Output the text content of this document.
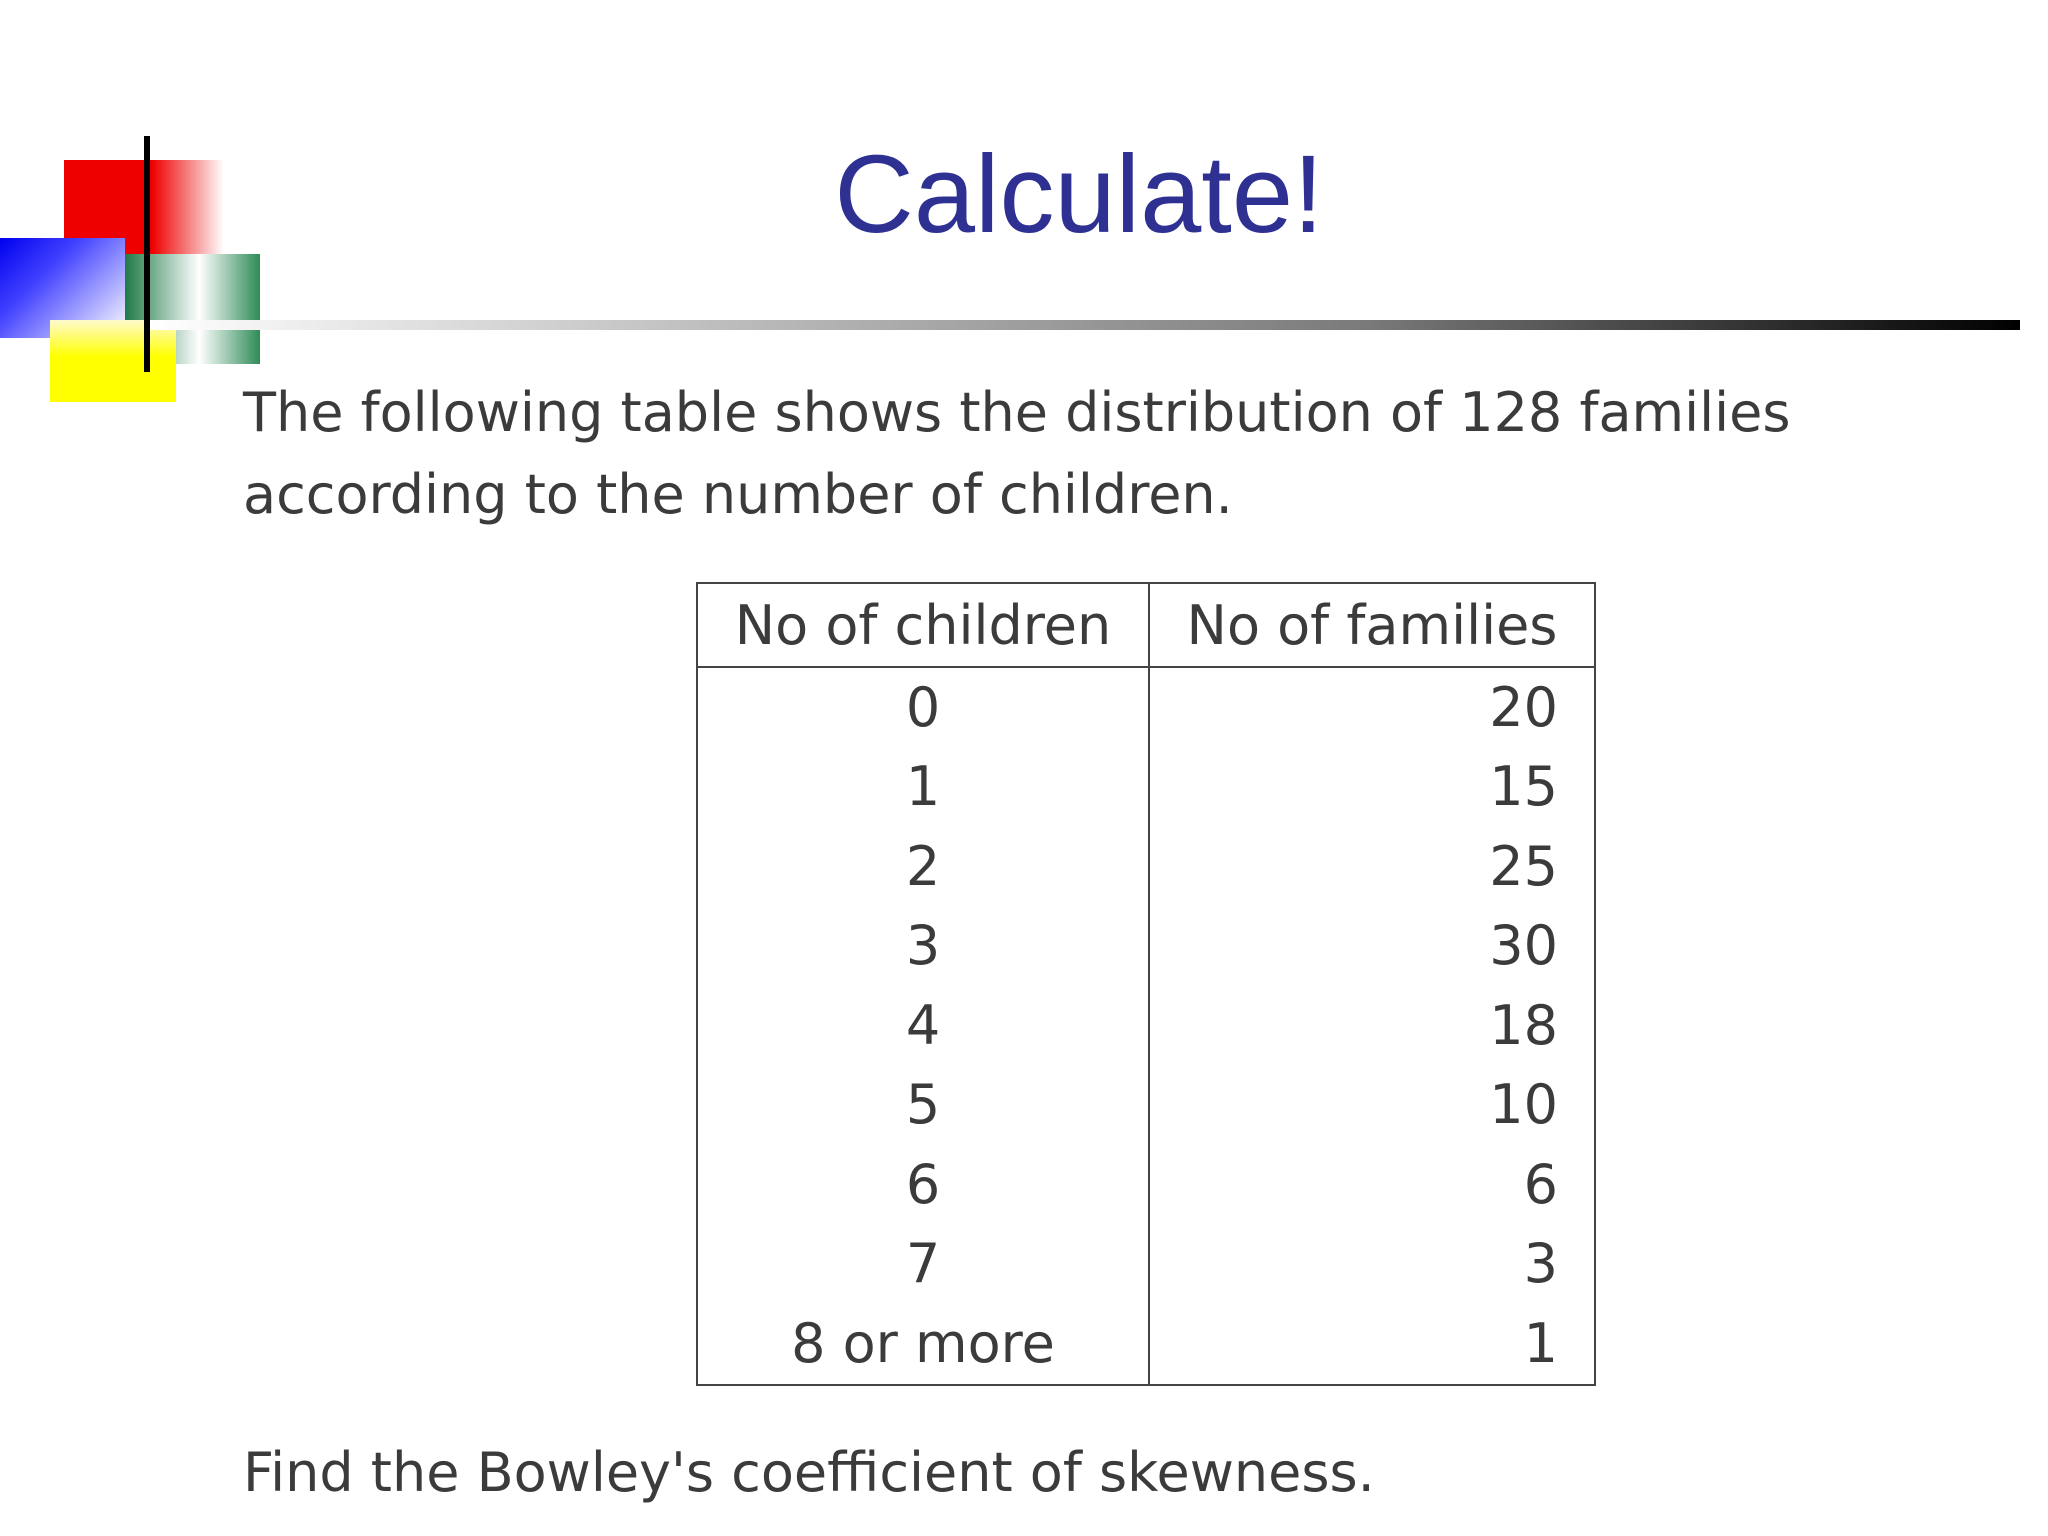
Calculate!
The following table shows the distribution of 128 families according to the number of children.
No of children	No of families
0	20
1	15
2	25
3	30
4	18
5	10
6	6
7	3
8 or more	1
Find the Bowley's coefficient of skewness.
